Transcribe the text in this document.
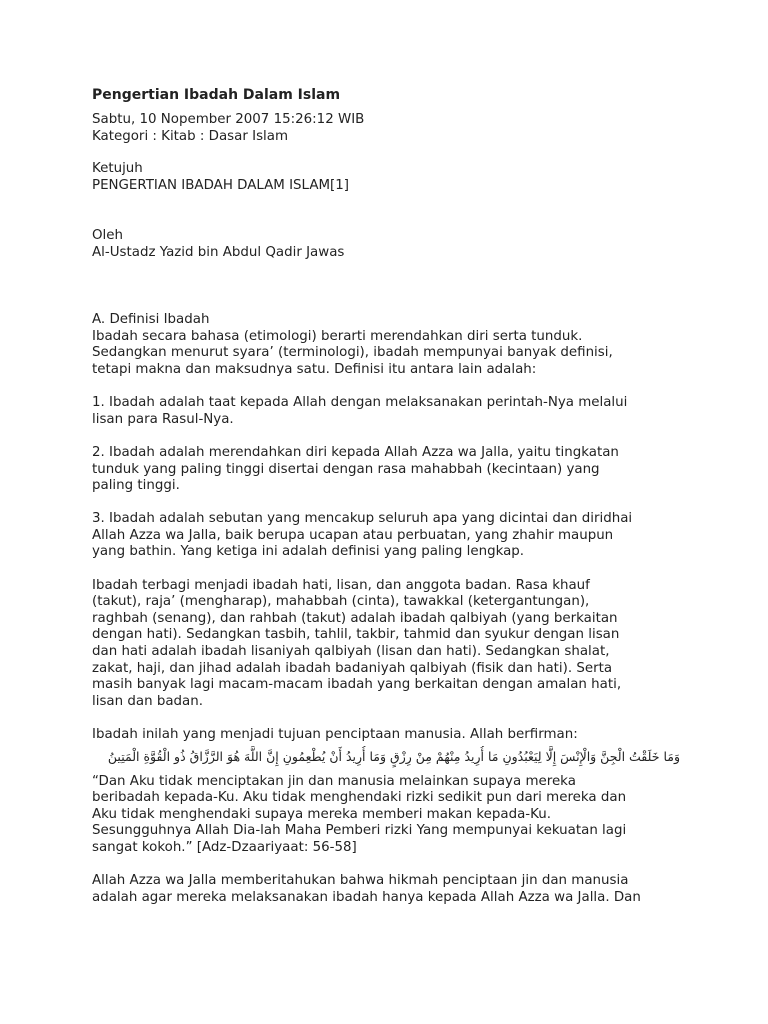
Pengertian Ibadah Dalam Islam
Sabtu, 10 Nopember 2007 15:26:12 WIB
Kategori : Kitab : Dasar Islam
Ketujuh
PENGERTIAN IBADAH DALAM ISLAM[1]
Oleh
Al-Ustadz Yazid bin Abdul Qadir Jawas
A. Definisi Ibadah
Ibadah secara bahasa (etimologi) berarti merendahkan diri serta tunduk.
Sedangkan menurut syara’ (terminologi), ibadah mempunyai banyak definisi,
tetapi makna dan maksudnya satu. Definisi itu antara lain adalah:
1. Ibadah adalah taat kepada Allah dengan melaksanakan perintah-Nya melalui
lisan para Rasul-Nya.
2. Ibadah adalah merendahkan diri kepada Allah Azza wa Jalla, yaitu tingkatan
tunduk yang paling tinggi disertai dengan rasa mahabbah (kecintaan) yang
paling tinggi.
3. Ibadah adalah sebutan yang mencakup seluruh apa yang dicintai dan diridhai
Allah Azza wa Jalla, baik berupa ucapan atau perbuatan, yang zhahir maupun
yang bathin. Yang ketiga ini adalah definisi yang paling lengkap.
Ibadah terbagi menjadi ibadah hati, lisan, dan anggota badan. Rasa khauf
(takut), raja’ (mengharap), mahabbah (cinta), tawakkal (ketergantungan),
raghbah (senang), dan rahbah (takut) adalah ibadah qalbiyah (yang berkaitan
dengan hati). Sedangkan tasbih, tahlil, takbir, tahmid dan syukur dengan lisan
dan hati adalah ibadah lisaniyah qalbiyah (lisan dan hati). Sedangkan shalat,
zakat, haji, dan jihad adalah ibadah badaniyah qalbiyah (fisik dan hati). Serta
masih banyak lagi macam-macam ibadah yang berkaitan dengan amalan hati,
lisan dan badan.
Ibadah inilah yang menjadi tujuan penciptaan manusia. Allah berfirman:
وَمَا خَلَقْتُ الْجِنَّ وَالْإِنْسَ إِلَّا لِيَعْبُدُونِ مَا أُرِيدُ مِنْهُمْ مِنْ رِزْقٍ وَمَا أُرِيدُ أَنْ يُطْعِمُونِ إِنَّ اللَّهَ هُوَ الرَّزَّاقُ ذُو الْقُوَّةِ الْمَتِينُ
“Dan Aku tidak menciptakan jin dan manusia melainkan supaya mereka
beribadah kepada-Ku. Aku tidak menghendaki rizki sedikit pun dari mereka dan
Aku tidak menghendaki supaya mereka memberi makan kepada-Ku.
Sesungguhnya Allah Dia-lah Maha Pemberi rizki Yang mempunyai kekuatan lagi
sangat kokoh.” [Adz-Dzaariyaat: 56-58]
Allah Azza wa Jalla memberitahukan bahwa hikmah penciptaan jin dan manusia
adalah agar mereka melaksanakan ibadah hanya kepada Allah Azza wa Jalla. Dan
